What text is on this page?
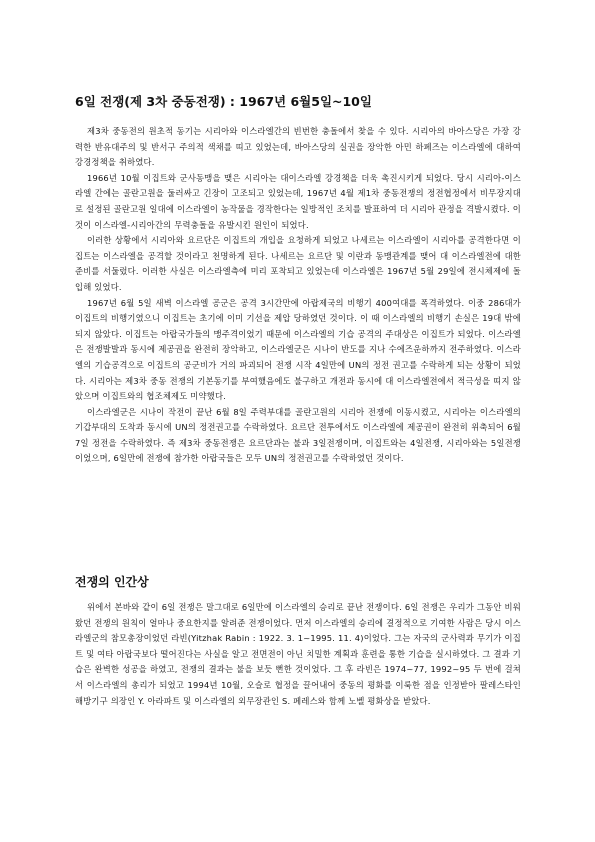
6일 전쟁(제 3차 중동전쟁) : 1967년 6월5일~10일

제3차 중동전의 원초적 동기는 시리아와 이스라엘간의 빈번한 충돌에서 찾을 수 있다. 시리아의 바아스당은 가장 강력한 반유대주의 및 반서구 주의적 색채를 띠고 있었는데, 바아스당의 실권을 장악한 아민 하페즈는 이스라엘에 대하여 강경정책을 취하였다.

1966년 10월 이집트와 군사동맹을 맺은 시리아는 대이스라엘 강경책을 더욱 촉진시키게 되었다. 당시 시리아-이스라엘 간에는 골란고원을 둘러싸고 긴장이 고조되고 있었는데, 1967년 4월 제1차 중동전쟁의 정전협정에서 비무장지대로 설정된 골란고원 일대에 이스라엘이 농작물을 경작한다는 일방적인 조치를 발표하여 더 시리아 관정을 격발시켰다. 이것이 이스라엘-시리아간의 무력충돌을 유발시킨 원인이 되었다.

이러한 상황에서 시리아와 요르단은 이집트의 개입을 요청하게 되었고 나세르는 이스라엘이 시리아를 공격한다면 이집트는 이스라엘을 공격할 것이라고 천명하게 된다. 나세르는 요르단 및 이란과 동맹관계를 맺어 대 이스라엘전에 대한 준비를 서둘렀다. 이러한 사실은 이스라엘측에 미리 포착되고 있었는데 이스라엘은 1967년 5월 29일에 전시체제에 돌입해 있었다.

1967년 6월 5일 새벽 이스라엘 공군은 공격 3시간만에 아랍제국의 비행기 400여대를 폭격하였다. 이중 286대가 이집트의 비행기였으니 이집트는 초기에 이미 기선을 제압 당하였던 것이다. 이 때 이스라엘의 비행기 손실은 19대 밖에 되지 않았다. 이집트는 아랍국가들의 맹주격이었기 때문에 이스라엘의 기습 공격의 주대상은 이집트가 되었다. 이스라엘은 전쟁발발과 동시에 제공권을 완전히 장악하고, 이스라엘군은 시나이 반도를 지나 수에즈운하까지 전주하였다. 이스라엘의 기습공격으로 이집트의 공군비가 거의 파괴되어 전쟁 시작 4일만에 UN의 정전 권고를 수락하게 되는 상황이 되었다. 시리아는 제3차 중동 전쟁의 기본동기를 부여했음에도 불구하고 개전과 동시에 대 이스라엘전에서 적극성을 띠지 않았으며 이집트와의 협조체제도 미약했다.

이스라엘군은 시나이 작전이 끝난 6월 8일 주력부대를 골란고원의 시리아 전쟁에 이동시켰고, 시리아는 이스라엘의 기갑부대의 도착과 동시에 UN의 정전권고를 수락하였다. 요르단 전투에서도 이스라엘에 제공권이 완전히 위축되어 6월 7일 정전을 수락하였다. 즉 제3차 중동전쟁은 요르단과는 불과 3일전쟁이며, 이집트와는 4일전쟁, 시리아와는 5일전쟁이었으며, 6일만에 전쟁에 참가한 아랍국들은 모두 UN의 정전권고를 수락하였던 것이다.

전쟁의 인간상

위에서 본바와 같이 6일 전쟁은 말그대로 6일만에 이스라엘의 승리로 끝난 전쟁이다. 6일 전쟁은 우리가 그동안 비워왔던 전쟁의 원칙이 얼마나 중요한지를 알려준 전쟁이었다. 먼저 이스라엘의 승리에 결정적으로 기여한 사람은 당시 이스라엘군의 참모총장이었던 라빈(Yitzhak Rabin : 1922. 3. 1~1995. 11. 4)이었다. 그는 자국의 군사력과 무기가 이집트 및 여타 아랍국보다 떨어진다는 사실을 알고 전면전이 아닌 치밀한 계획과 훈련을 통한 기습을 실시하였다. 그 결과 기습은 완벽한 성공을 하였고, 전쟁의 결과는 불을 보듯 뻔한 것이었다. 그 후 라빈은 1974~77, 1992~95 두 번에 걸쳐서 이스라엘의 총리가 되었고 1994년 10월, 오슬로 협정을 끌어내어 중동의 평화를 이룩한 점을 인정받아 팔레스타인 해방기구 의장인 Y. 아라파트 및 이스라엘의 외무장관인 S. 페레스와 함께 노벨 평화상을 받았다.
